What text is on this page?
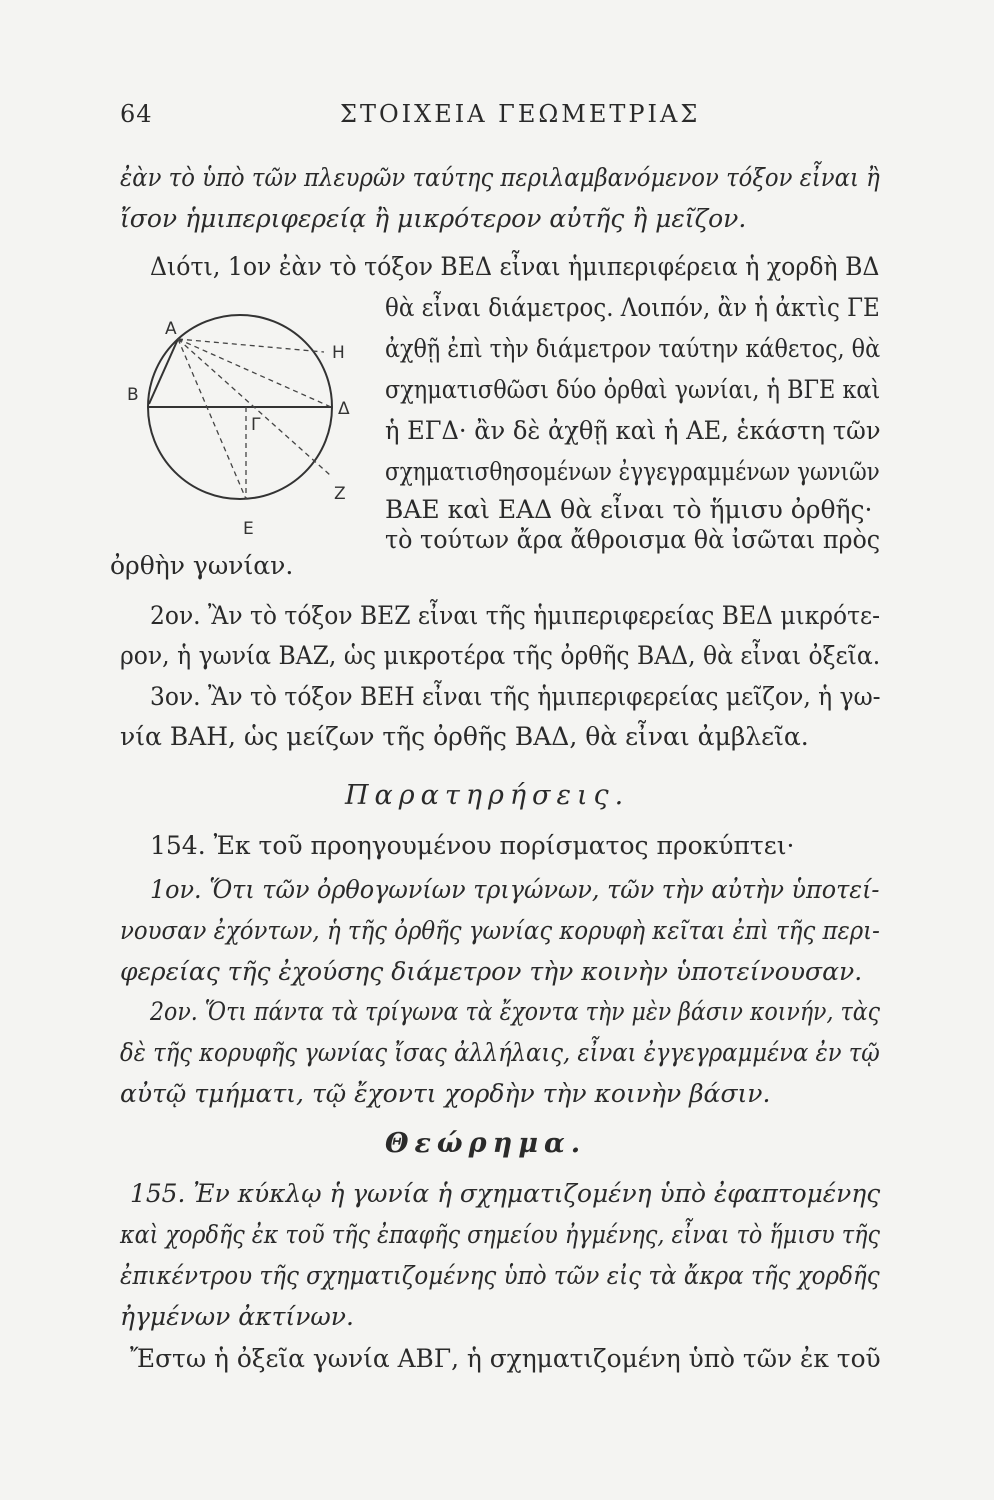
64	ΣΤΟΙΧΕΙΑ ΓΕΩΜΕΤΡΙΑΣ
Α
Β
Η
Δ
Γ
Ζ
Ε
ἐὰν τὸ ὑπὸ τῶν πλευρῶν ταύτης περιλαμβανόμενον τόξον εἶναι ἢ
ἴσον ἡμιπεριφερείᾳ ἢ μικρότερον αὐτῆς ἢ μεῖζον.
Διότι, 1ον ἐὰν τὸ τόξον ΒΕΔ εἶναι ἡμιπεριφέρεια ἡ χορδὴ ΒΔ
θὰ εἶναι διάμετρος. Λοιπόν, ἂν ἡ ἀκτὶς ΓΕ
ἀχθῇ ἐπὶ τὴν διάμετρον ταύτην κάθετος, θὰ
σχηματισθῶσι δύο ὀρθαὶ γωνίαι, ἡ ΒΓΕ καὶ
ἡ ΕΓΔ· ἂν δὲ ἀχθῇ καὶ ἡ ΑΕ, ἑκάστη τῶν
σχηματισθησομένων ἐγγεγραμμένων γωνιῶν
ΒΑΕ καὶ ΕΑΔ θὰ εἶναι τὸ ἥμισυ ὀρθῆς·
τὸ τούτων ἄρα ἄθροισμα θὰ ἰσῶται πρὸς
ὀρθὴν γωνίαν.
2ον. Ἂν τὸ τόξον ΒΕΖ εἶναι τῆς ἡμιπεριφερείας ΒΕΔ μικρότε-
ρον, ἡ γωνία ΒΑΖ, ὡς μικροτέρα τῆς ὀρθῆς ΒΑΔ, θὰ εἶναι ὀξεῖα.
3ον. Ἂν τὸ τόξον ΒΕΗ εἶναι τῆς ἡμιπεριφερείας μεῖζον, ἡ γω-
νία ΒΑΗ, ὡς μείζων τῆς ὀρθῆς ΒΑΔ, θὰ εἶναι ἀμβλεῖα.
Παρατηρήσεις.
154. Ἐκ τοῦ προηγουμένου πορίσματος προκύπτει·
1ον. Ὅτι τῶν ὀρθογωνίων τριγώνων, τῶν τὴν αὐτὴν ὑποτεί-
νουσαν ἐχόντων, ἡ τῆς ὀρθῆς γωνίας κορυφὴ κεῖται ἐπὶ τῆς περι-
φερείας τῆς ἐχούσης διάμετρον τὴν κοινὴν ὑποτείνουσαν.
2ον. Ὅτι πάντα τὰ τρίγωνα τὰ ἔχοντα τὴν μὲν βάσιν κοινήν, τὰς
δὲ τῆς κορυφῆς γωνίας ἴσας ἀλλήλαις, εἶναι ἐγγεγραμμένα ἐν τῷ
αὐτῷ τμήματι, τῷ ἔχοντι χορδὴν τὴν κοινὴν βάσιν.
Θεώρημα.
155. Ἐν κύκλῳ ἡ γωνία ἡ σχηματιζομένη ὑπὸ ἐφαπτομένης
καὶ χορδῆς ἐκ τοῦ τῆς ἐπαφῆς σημείου ἠγμένης, εἶναι τὸ ἥμισυ τῆς
ἐπικέντρου τῆς σχηματιζομένης ὑπὸ τῶν εἰς τὰ ἄκρα τῆς χορδῆς
ἠγμένων ἀκτίνων.
Ἔστω ἡ ὀξεῖα γωνία ΑΒΓ, ἡ σχηματιζομένη ὑπὸ τῶν ἐκ τοῦ
